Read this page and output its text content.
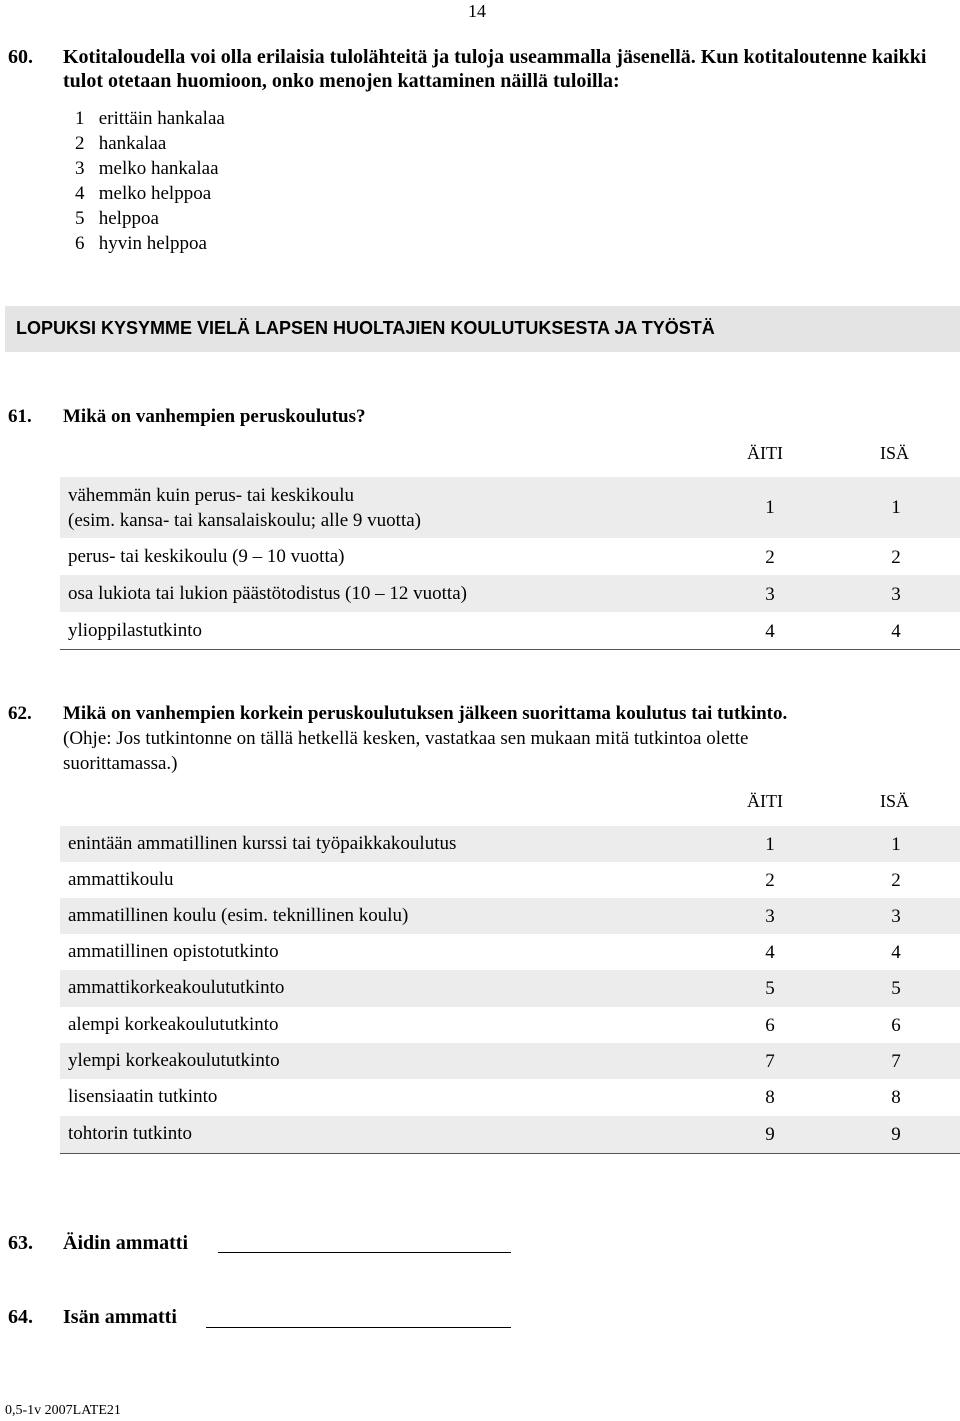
14
60. Kotitaloudella voi olla erilaisia tulolähteitä ja tuloja useammalla jäsenellä. Kun kotitaloutenne kaikki tulot otetaan huomioon, onko menojen kattaminen näillä tuloilla:
1   erittäin hankalaa
2   hankalaa
3   melko hankalaa
4   melko helppoa
5   helppoa
6   hyvin helppoa
LOPUKSI KYSYMME VIELÄ LAPSEN HUOLTAJIEN KOULUTUKSESTA JA TYÖSTÄ
61. Mikä on vanhempien peruskoulutus?
ÄITI	ISÄ
vähemmän kuin perus- tai keskikoulu
(esim. kansa- tai kansalaiskoulu; alle 9 vuotta)
1	1
perus- tai keskikoulu (9 – 10 vuotta)	2	2
osa lukiota tai lukion päästötodistus (10 – 12 vuotta)	3	3
ylioppilastutkinto	4	4
62. Mikä on vanhempien korkein peruskoulutuksen jälkeen suorittama koulutus tai tutkinto.
(Ohje: Jos tutkintonne on tällä hetkellä kesken, vastatkaa sen mukaan mitä tutkintoa olette
suorittamassa.)
ÄITI	ISÄ
enintään ammatillinen kurssi tai työpaikkakoulutus	1	1
ammattikoulu	2	2
ammatillinen koulu (esim. teknillinen koulu)	3	3
ammatillinen opistotutkinto	4	4
ammattikorkeakoulututkinto	5	5
alempi korkeakoulututkinto	6	6
ylempi korkeakoulututkinto	7	7
lisensiaatin tutkinto	8	8
tohtorin tutkinto	9	9
63. Äidin ammatti
64. Isän ammatti
0,5-1v 2007LATE21
